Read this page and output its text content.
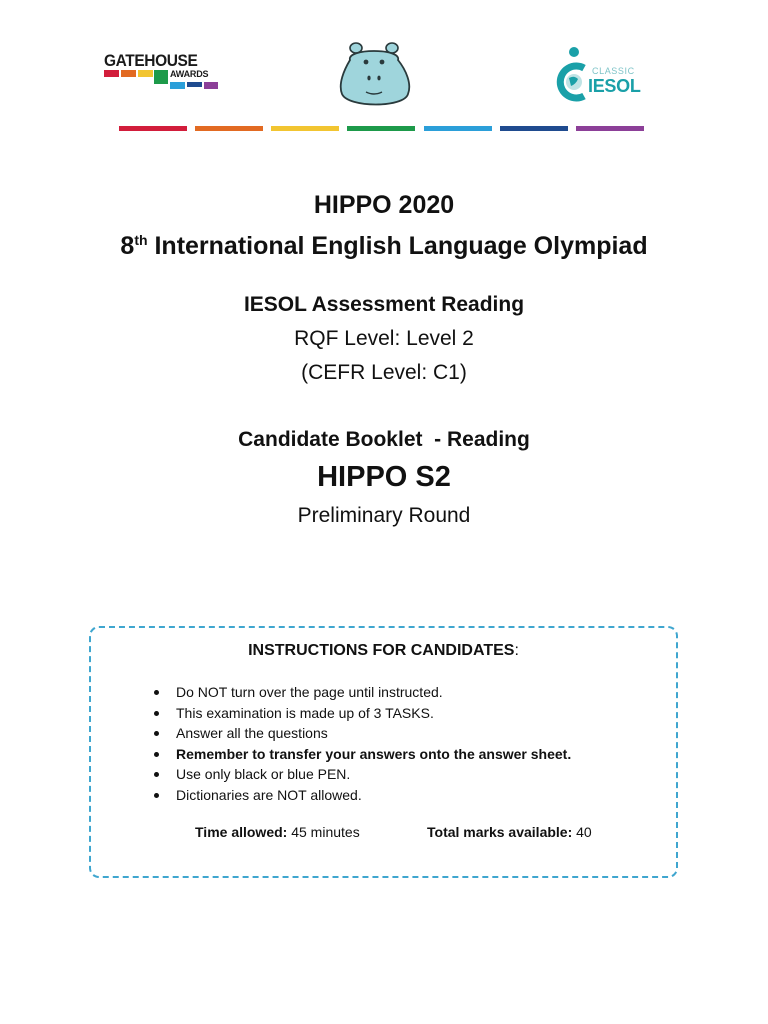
GATEHOUSE
AWARDS	CLASSIC
IESOL
HIPPO 2020
8th International English Language Olympiad
IESOL Assessment Reading
RQF Level: Level 2
(CEFR Level: C1)
Candidate Booklet  - Reading
HIPPO S2
Preliminary Round
INSTRUCTIONS FOR CANDIDATES:
Do NOT turn over the page until instructed.
This examination is made up of 3 TASKS.
Answer all the questions
Remember to transfer your answers onto the answer sheet.
Use only black or blue PEN.
Dictionaries are NOT allowed.
Time allowed: 45 minutes	Total marks available: 40
